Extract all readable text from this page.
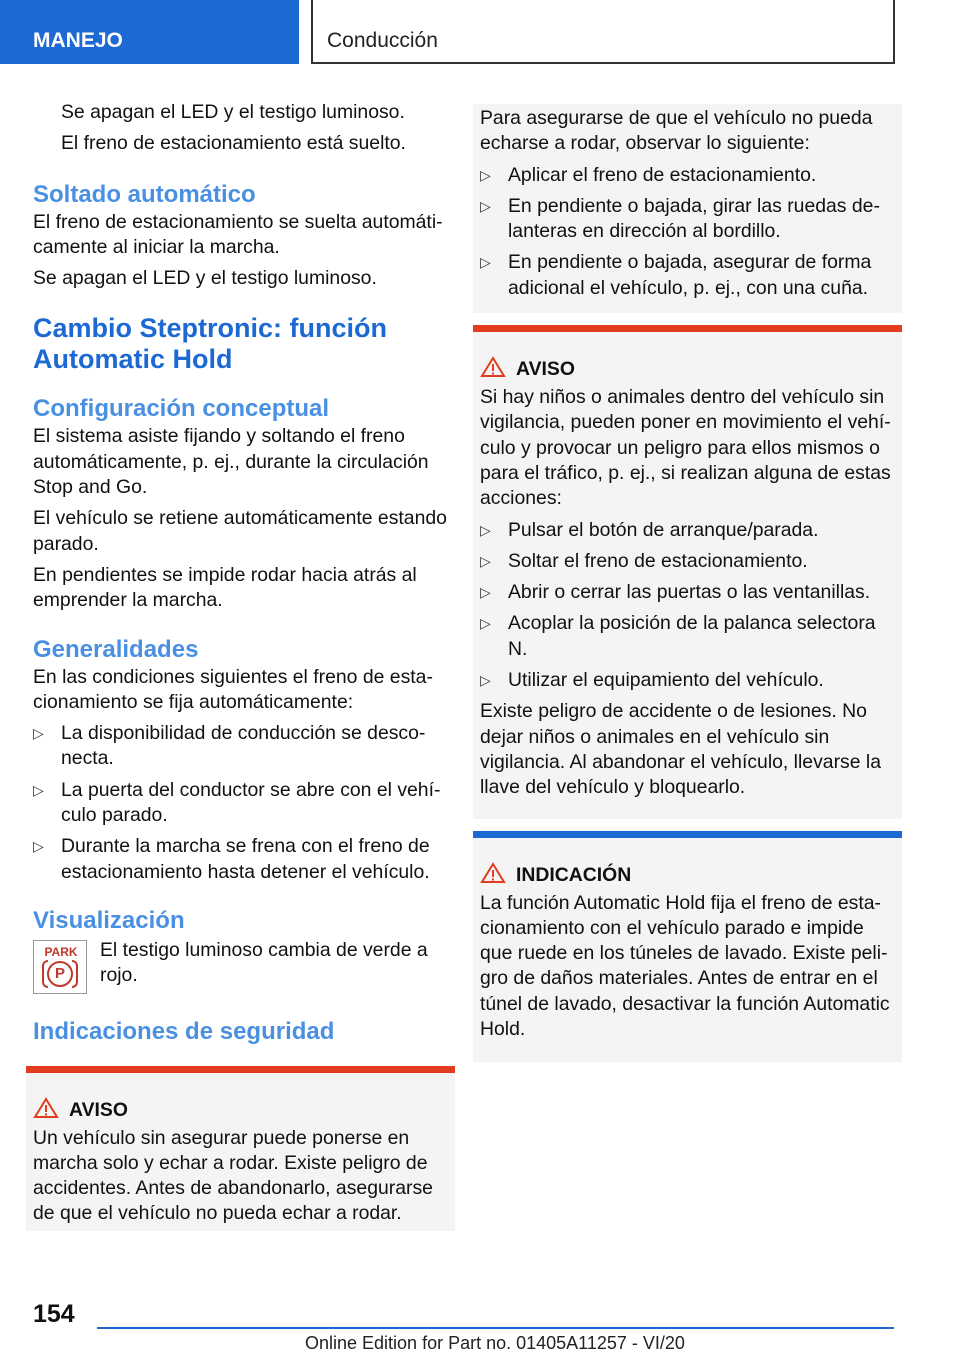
MANEJO	Conducción

Se apagan el LED y el testigo luminoso.

El freno de estacionamiento está suelto.

Soltado automático

El freno de estacionamiento se suelta automáticamente al iniciar la marcha.

Se apagan el LED y el testigo luminoso.

Cambio Steptronic: función Automatic Hold
Configuración conceptual

El sistema asiste fijando y soltando el freno automáticamente, p. ej., durante la circulación Stop and Go.

El vehículo se retiene automáticamente estando parado.

En pendientes se impide rodar hacia atrás al emprender la marcha.

Generalidades

En las condiciones siguientes el freno de estacionamiento se fija automáticamente:

▷ La disponibilidad de conducción se desconecta.
▷ La puerta del conductor se abre con el vehículo parado.
▷ Durante la marcha se frena con el freno de estacionamiento hasta detener el vehículo.
Visualización
PARK
P

El testigo luminoso cambia de verde a rojo.

Indicaciones de seguridad
AVISO

Un vehículo sin asegurar puede ponerse en marcha solo y echar a rodar. Existe peligro de accidentes. Antes de abandonarlo, asegurarse de que el vehículo no pueda echar a rodar.

Para asegurarse de que el vehículo no pueda echarse a rodar, observar lo siguiente:

▷ Aplicar el freno de estacionamiento.
▷ En pendiente o bajada, girar las ruedas delanteras en dirección al bordillo.
▷ En pendiente o bajada, asegurar de forma adicional el vehículo, p. ej., con una cuña.
AVISO

Si hay niños o animales dentro del vehículo sin vigilancia, pueden poner en movimiento el vehículo y provocar un peligro para ellos mismos o para el tráfico, p. ej., si realizan alguna de estas acciones:

▷ Pulsar el botón de arranque/parada.
▷ Soltar el freno de estacionamiento.
▷ Abrir o cerrar las puertas o las ventanillas.
▷ Acoplar la posición de la palanca selectora N.
▷ Utilizar el equipamiento del vehículo.

Existe peligro de accidente o de lesiones. No dejar niños o animales en el vehículo sin vigilancia. Al abandonar el vehículo, llevarse la llave del vehículo y bloquearlo.

INDICACIÓN

La función Automatic Hold fija el freno de estacionamiento con el vehículo parado e impide que ruede en los túneles de lavado. Existe peligro de daños materiales. Antes de entrar en el túnel de lavado, desactivar la función Automatic Hold.

154
Online Edition for Part no. 01405A11257 - VI/20
